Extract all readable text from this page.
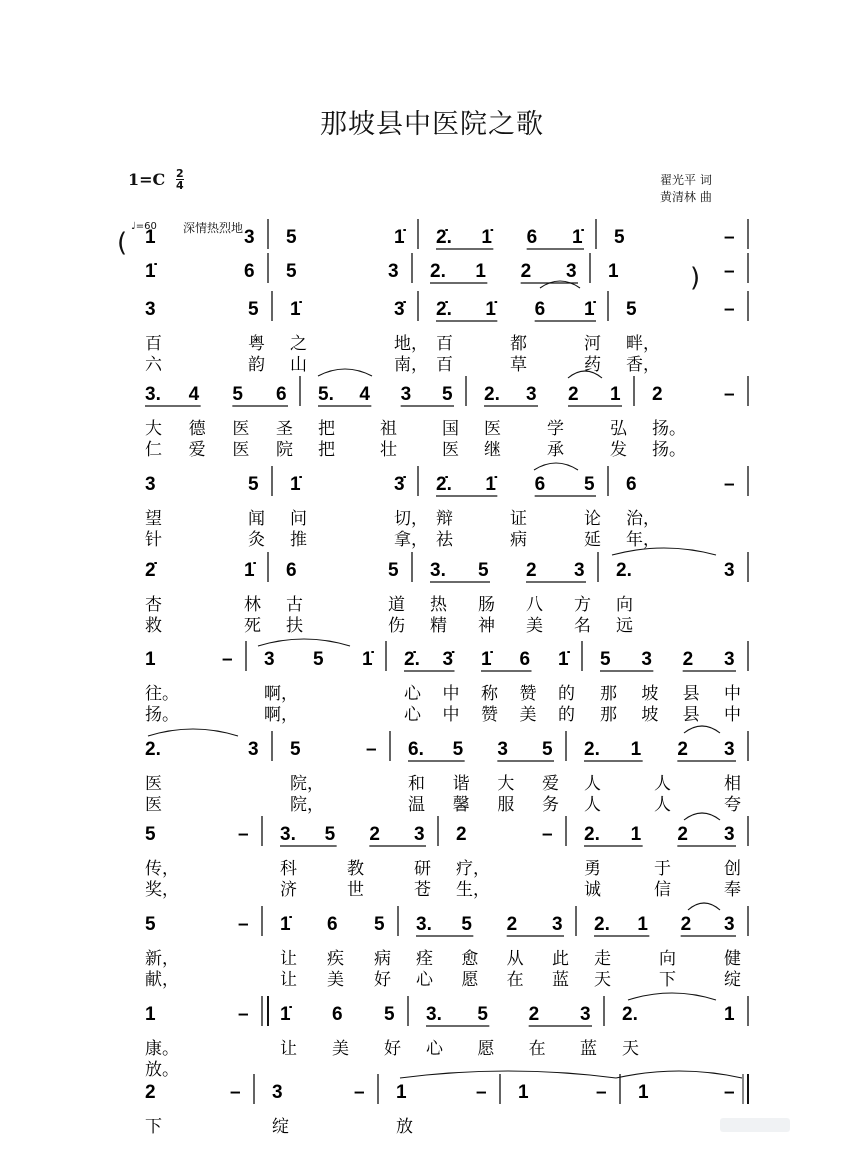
那坡县中医院之歌
1=C 2
4	翟光平 词
黄清林 曲
♩=60 深情热烈地
(
)
1	3 5	1̇ 2̇. 1̇ 6 1̇ 5	–
1̇	6 5	3 2. 1 2 3 1	–
3	5
百	粤
六	韵
1̇	3̇
之	地，
山	南，
2̇. 1̇ 6 1̇
百	都	河
百	草	药
5	–
畔，
香，
3. 4 5 6
大 德 医 圣
仁 爱 医 院
5. 4 3 5
把	祖	国
把	壮	医
2. 3 2 1
医	学	弘
继	承	发
2	–
扬。
扬。
3	5
望	闻
针	灸
1̇	3̇
问	切，
推	拿，
2̇. 1̇ 6 5
辩	证	论
祛	病	延
6	–
治，
年，
2̇	1̇
杏	林
救	死
6	5
古	道
扶	伤
3. 5 2 3
热 肠 八 方
精 神 美 名
2.	3
向
远
1	–
往。
扬。
3 5 1̇
啊，
啊，
2̇. 3̇ 1̇ 6 1̇
心 中 称 赞 的
心 中 赞 美 的
5 3 2 3
那 坡 县 中
那 坡 县 中
2.	3
医
医
5	–
院，
院，
6. 5 3 5
和 谐 大 爱
温 馨 服 务
2. 1 2 3
人	人	相
人	人	夸
5	–
传，
奖，
3. 5 2 3
科	教	研
济	世	苍
2	–
疗，
生，
2. 1 2 3
勇	于	创
诚	信	奉
5	–
新，
献，
1̇ 6 5
让 疾 病
让 美 好
3. 5 2 3
痊 愈 从 此
心 愿 在 蓝
2. 1 2 3
走	向	健
天	下	绽
1	–
康。
放。
1̇ 6 5
让 美 好
3. 5 2 3
心 愿 在 蓝
2.	1
天
2	–
下
3	–
绽
1	–
放
1	– 1	–
